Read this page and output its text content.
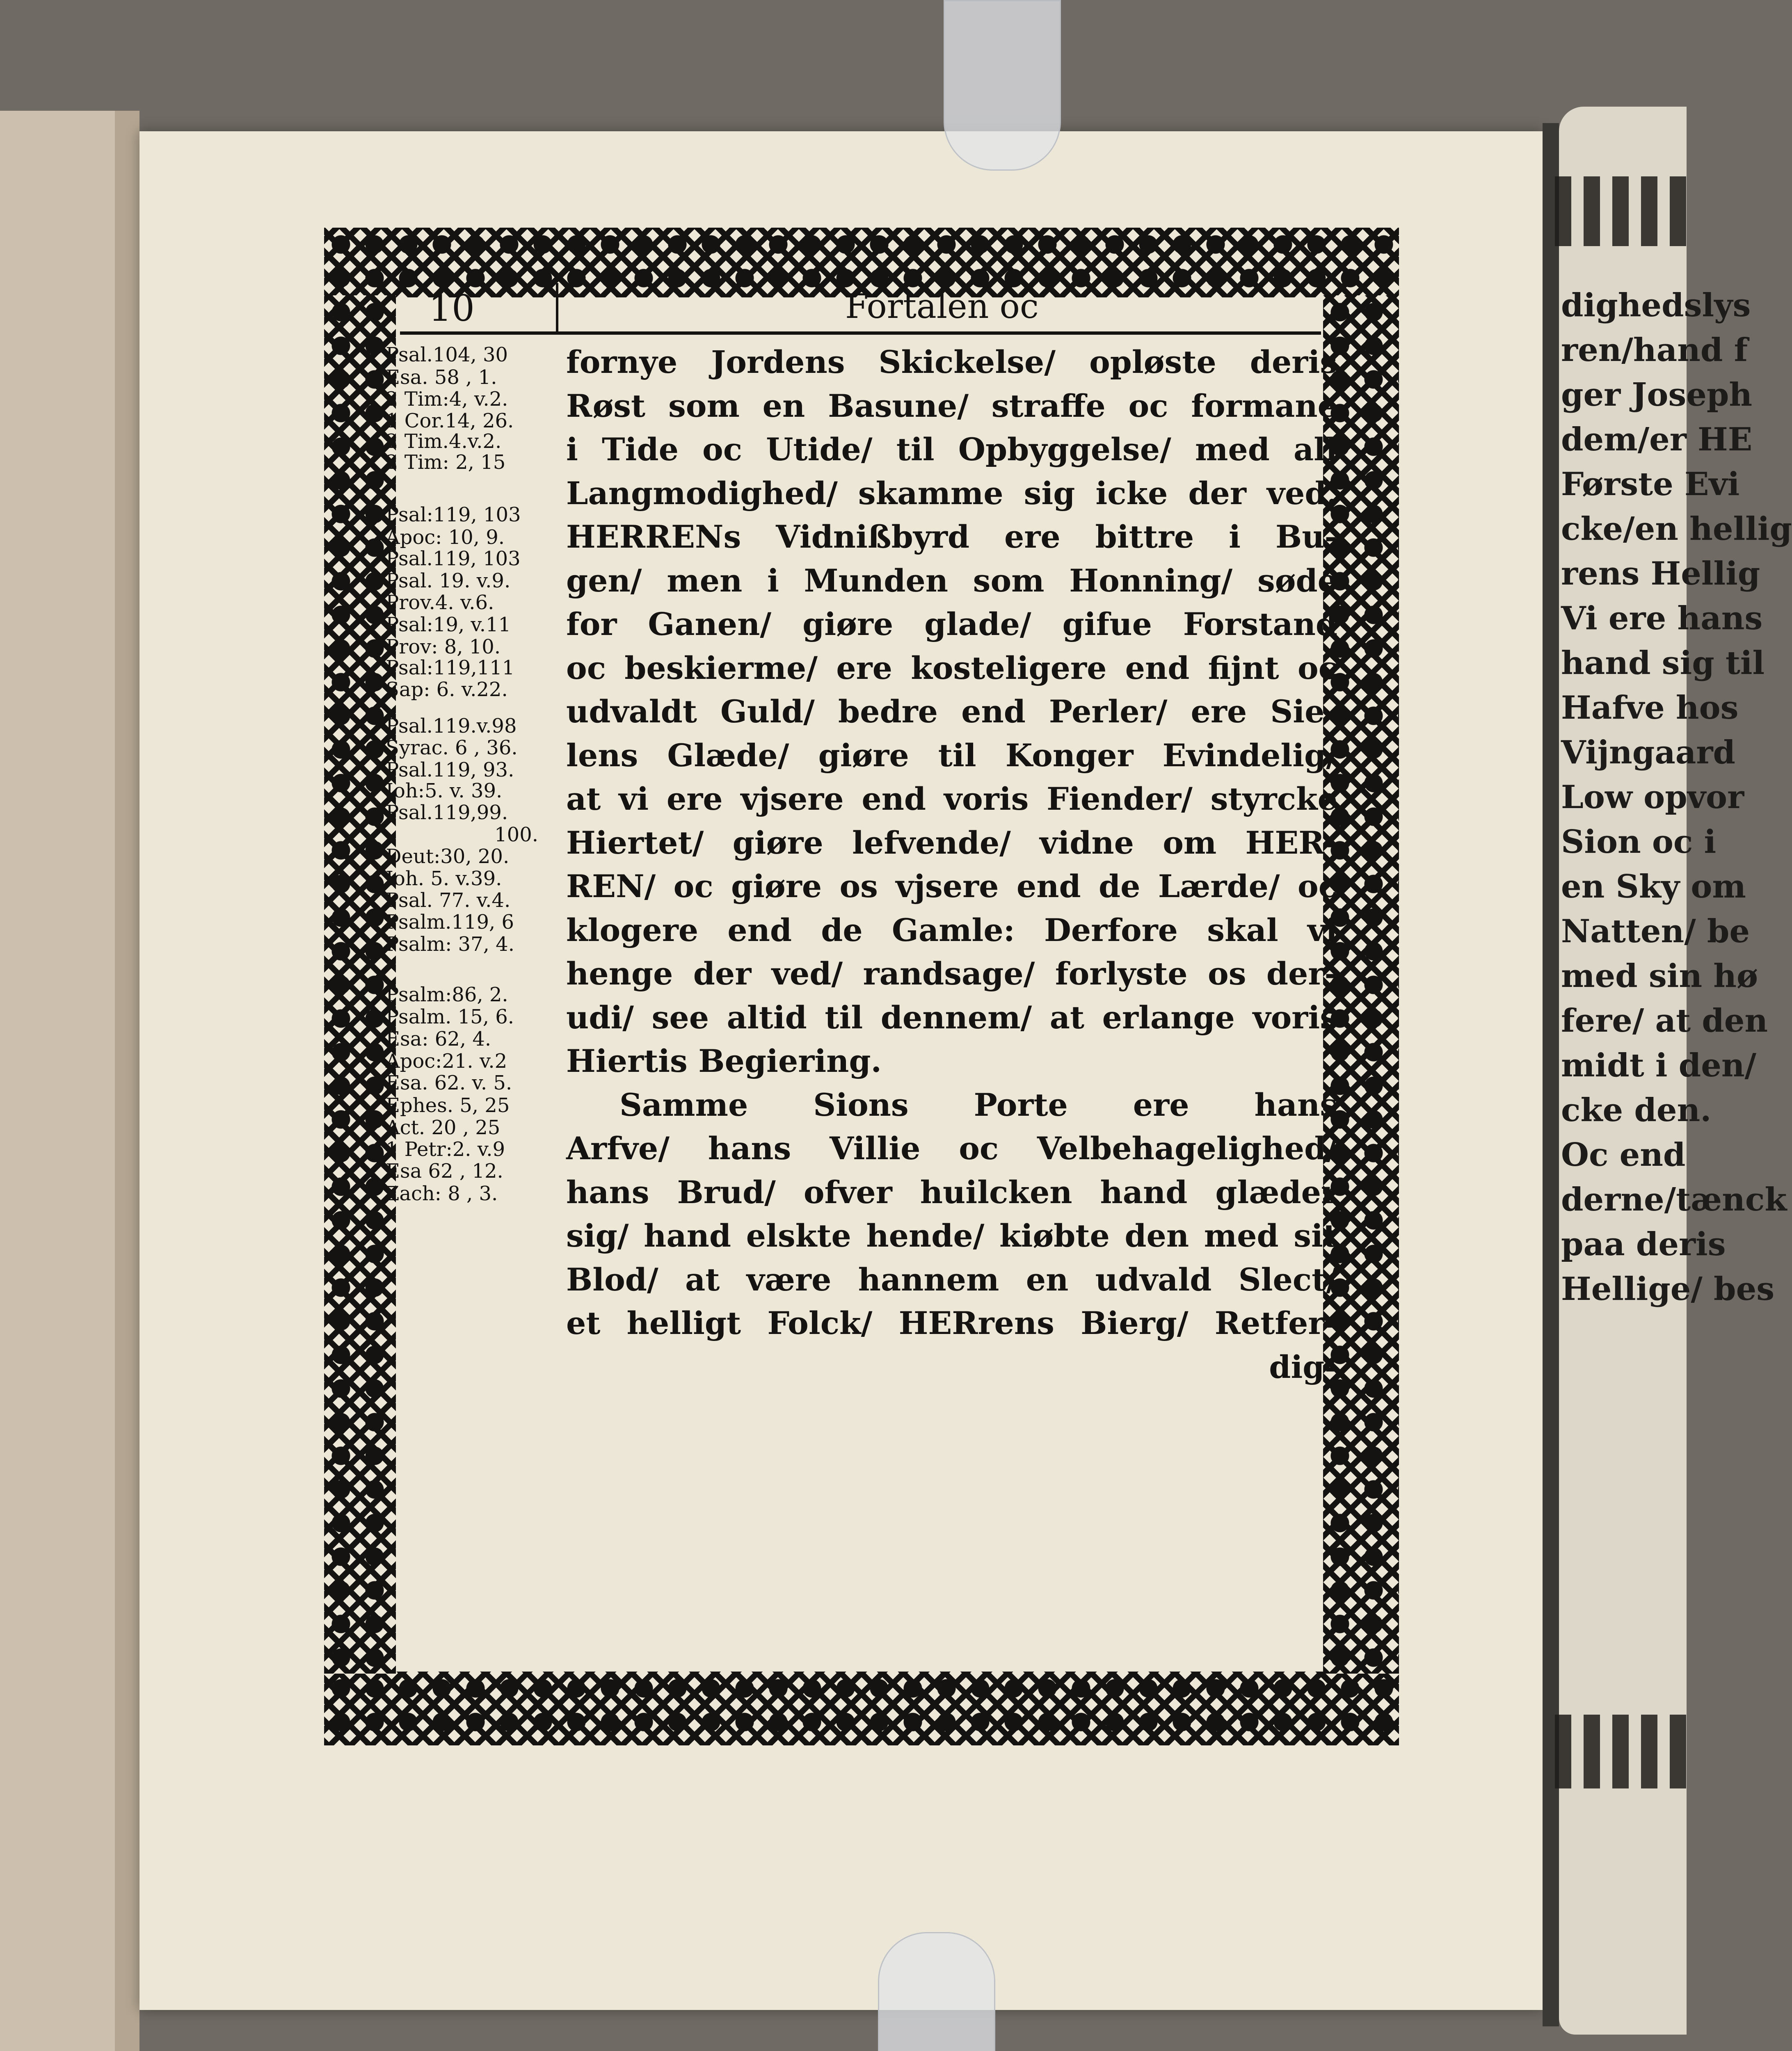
dighedslys
ren/hand f
ger Joseph
dem/er HE
Første Evi
cke/en hellig
rens Hellig
Vi ere hans
hand sig til
Hafve hos
Vijngaard
Low opvor
Sion oc i
en Sky om
Natten/ be
med sin hø
fere/ at den
midt i den/
cke den.
Oc end
derne/tænck
paa deris
Hellige/ bes
10	Fortalen oc
Psal.104, 30
Esa. 58 , 1.
2 Tim:4, v.2.
1 Cor.14, 26.
2 Tim.4.v.2.
2 Tim: 2, 15
Psal:119, 103
Apoc: 10, 9.
Psal.119, 103
Psal. 19. v.9.
Prov.4. v.6.
Psal:19, v.11
Prov: 8, 10.
Psal:119,111
Sap: 6. v.22.
Psal.119.v.98
Syrac. 6 , 36.
Psal.119, 93.
Ioh:5. v. 39.
Psal.119,99.
100.
Deut:30, 20.
Ioh. 5. v.39.
Psal. 77. v.4.
Psalm.119, 6
Psalm: 37, 4.
Psalm:86, 2.
Psalm. 15, 6.
Esa: 62, 4.
Apoc:21. v.2
Esa. 62. v. 5.
Ephes. 5, 25
Act. 20 , 25
1 Petr:2. v.9
Esa 62 , 12.
Zach: 8 , 3.
fornye Jordens Skickelse/ opløste deris
Røst som en Basune/ straffe oc formane
i Tide oc Utide/ til Opbyggelse/ med all
Langmodighed/ skamme sig icke der ved.
HERRENs Vidnißbyrd ere bittre i Bu-
gen/ men i Munden som Honning/ søde
for Ganen/ giøre glade/ gifue Forstand
oc beskierme/ ere kosteligere end fijnt oc
udvaldt Guld/ bedre end Perler/ ere Sie-
lens Glæde/ giøre til Konger Evindelig/
at vi ere vjsere end voris Fiender/ styrcke
Hiertet/ giøre lefvende/ vidne om HER-
REN/ oc giøre os vjsere end de Lærde/ oc
klogere end de Gamle: Derfore skal vi
henge der ved/ randsage/ forlyste os der-
udi/ see altid til dennem/ at erlange voris
Hiertis Begiering.
Samme Sions Porte ere hans
Arfve/ hans Villie oc Velbehagelighed/
hans Brud/ ofver huilcken hand glæder
sig/ hand elskte hende/ kiøbte den med sit
Blod/ at være hannem en udvald Slect/
et helligt Folck/ HERrens Bierg/ Retfer-
dig-
